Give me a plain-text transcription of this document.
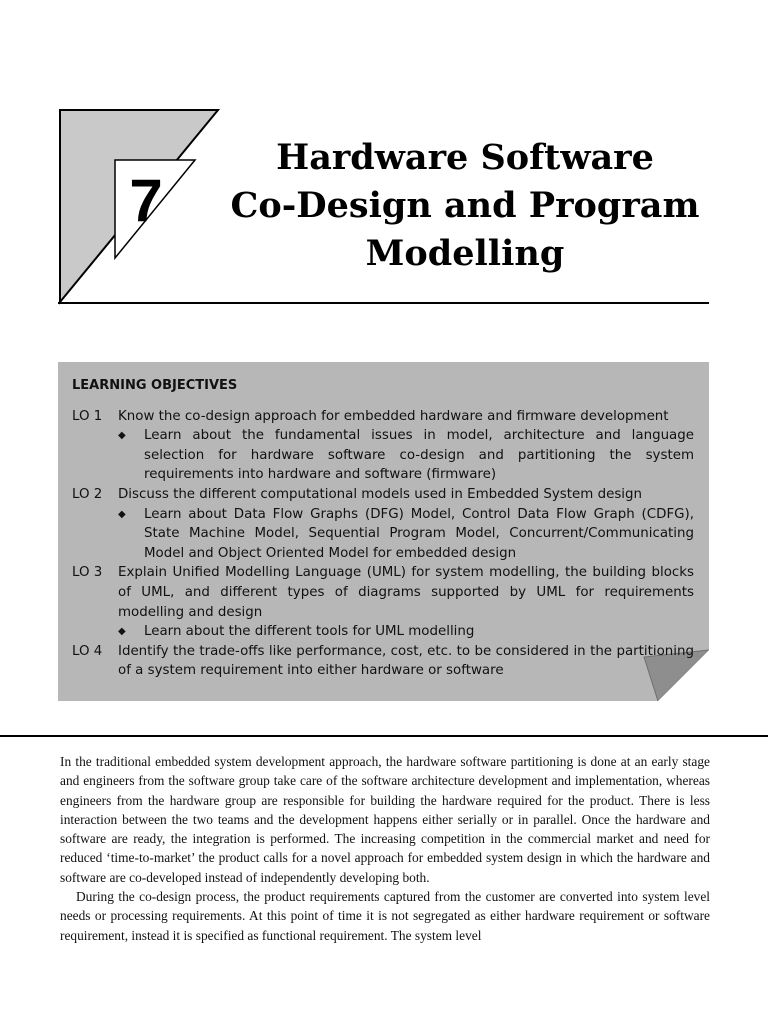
7
Hardware Software
Co-Design and Program
Modelling
LEARNING OBJECTIVES
LO 1	Know the co-design approach for embedded hardware and firmware development
◆	Learn about the fundamental issues in model, architecture and language selection for hardware software co-design and partitioning the system requirements into hardware and software (firmware)
LO 2	Discuss the different computational models used in Embedded System design
◆	Learn about Data Flow Graphs (DFG) Model, Control Data Flow Graph (CDFG), State Machine Model, Sequential Program Model, Concurrent/Communicating Model and Object Oriented Model for embedded design
LO 3	Explain Unified Modelling Language (UML) for system modelling, the building blocks of UML, and different types of diagrams supported by UML for requirements modelling and design
◆	Learn about the different tools for UML modelling
LO 4	Identify the trade-offs like performance, cost, etc. to be considered in the partitioning of a system requirement into either hardware or software

In the traditional embedded system development approach, the hardware software partitioning is done at an early stage and engineers from the software group take care of the software architecture development and implementation, whereas engineers from the hardware group are responsible for building the hardware required for the product. There is less interaction between the two teams and the development happens either serially or in parallel. Once the hardware and software are ready, the integration is performed. The increasing competition in the commercial market and need for reduced ‘time-to-market’ the product calls for a novel approach for embedded system design in which the hardware and software are co-developed instead of independently developing both.

During the co-design process, the product requirements captured from the customer are converted into system level needs or processing requirements. At this point of time it is not segregated as either hardware requirement or software requirement, instead it is specified as functional requirement. The system level
